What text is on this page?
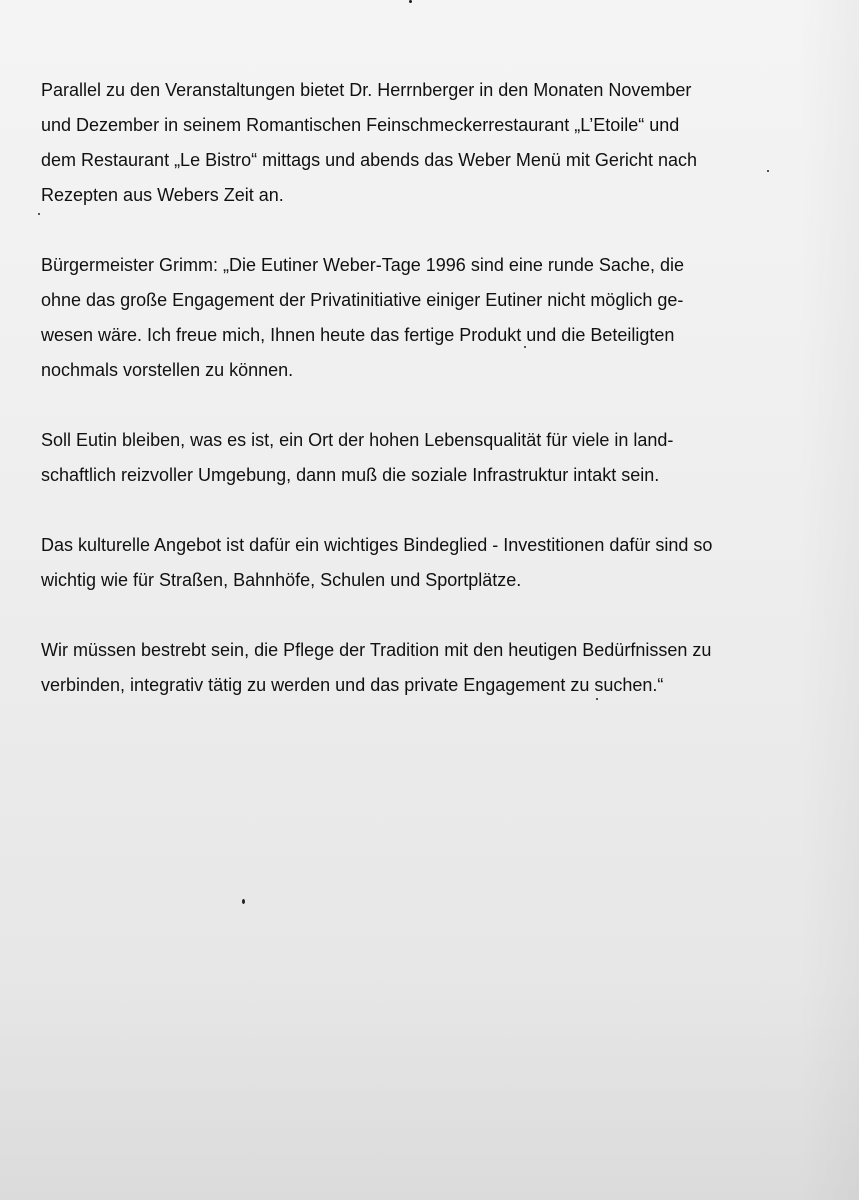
Parallel zu den Veranstaltungen bietet Dr. Herrnberger in den Monaten November
und Dezember in seinem Romantischen Feinschmeckerrestaurant „L’Etoile“ und
dem Restaurant „Le Bistro“ mittags und abends das Weber Menü mit Gericht nach
Rezepten aus Webers Zeit an.

Bürgermeister Grimm: „Die Eutiner Weber-Tage 1996 sind eine runde Sache, die
ohne das große Engagement der Privatinitiative einiger Eutiner nicht möglich ge-
wesen wäre. Ich freue mich, Ihnen heute das fertige Produkt und die Beteiligten
nochmals vorstellen zu können.

Soll Eutin bleiben, was es ist, ein Ort der hohen Lebensqualität für viele in land-
schaftlich reizvoller Umgebung, dann muß die soziale Infrastruktur intakt sein.

Das kulturelle Angebot ist dafür ein wichtiges Bindeglied - Investitionen dafür sind so
wichtig wie für Straßen, Bahnhöfe, Schulen und Sportplätze.

Wir müssen bestrebt sein, die Pflege der Tradition mit den heutigen Bedürfnissen zu
verbinden, integrativ tätig zu werden und das private Engagement zu suchen.“
